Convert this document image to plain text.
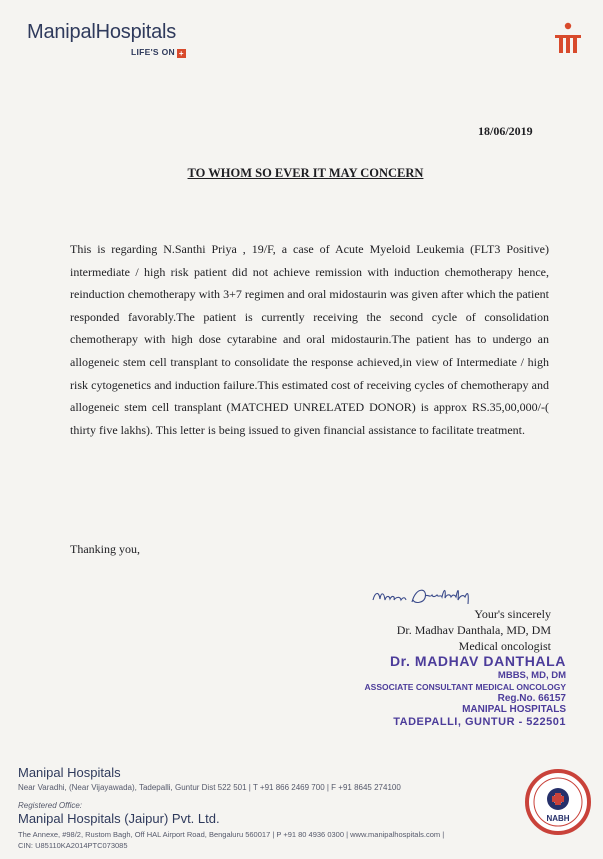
ManipalHospitals
LIFE'S ON +
18/06/2019
TO WHOM SO EVER IT MAY CONCERN

This is regarding N.Santhi Priya , 19/F, a case of Acute Myeloid Leukemia (FLT3 Positive) intermediate / high risk patient did not achieve remission with induction chemotherapy hence, reinduction chemotherapy with 3+7 regimen and oral midostaurin was given after which the patient responded favorably.The patient is currently receiving the second cycle of consolidation chemotherapy with high dose cytarabine and oral midostaurin.The patient has to undergo an allogeneic stem cell transplant to consolidate the response achieved,in view of Intermediate / high risk cytogenetics and induction failure.This estimated cost of receiving cycles of chemotherapy and allogeneic stem cell transplant (MATCHED UNRELATED DONOR) is approx RS.35,00,000/-( thirty five lakhs). This letter is being issued to given financial assistance to facilitate treatment.

Thanking you,
Your's sincerely
Dr. Madhav Danthala, MD, DM
Medical oncologist
Dr. MADHAV DANTHALA
MBBS, MD, DM
ASSOCIATE CONSULTANT MEDICAL ONCOLOGY
Reg.No. 66157
MANIPAL HOSPITALS
TADEPALLI, GUNTUR - 522501
Manipal Hospitals
Near Varadhi, (Near Vijayawada), Tadepalli, Guntur Dist 522 501 | T +91 866 2469 700 | F +91 8645 274100
Registered Office:
Manipal Hospitals (Jaipur) Pvt. Ltd.
The Annexe, #98/2, Rustom Bagh, Off HAL Airport Road, Bengaluru 560017 | P +91 80 4936 0300 | www.manipalhospitals.com |
CIN: U85110KA2014PTC073085
NABH
